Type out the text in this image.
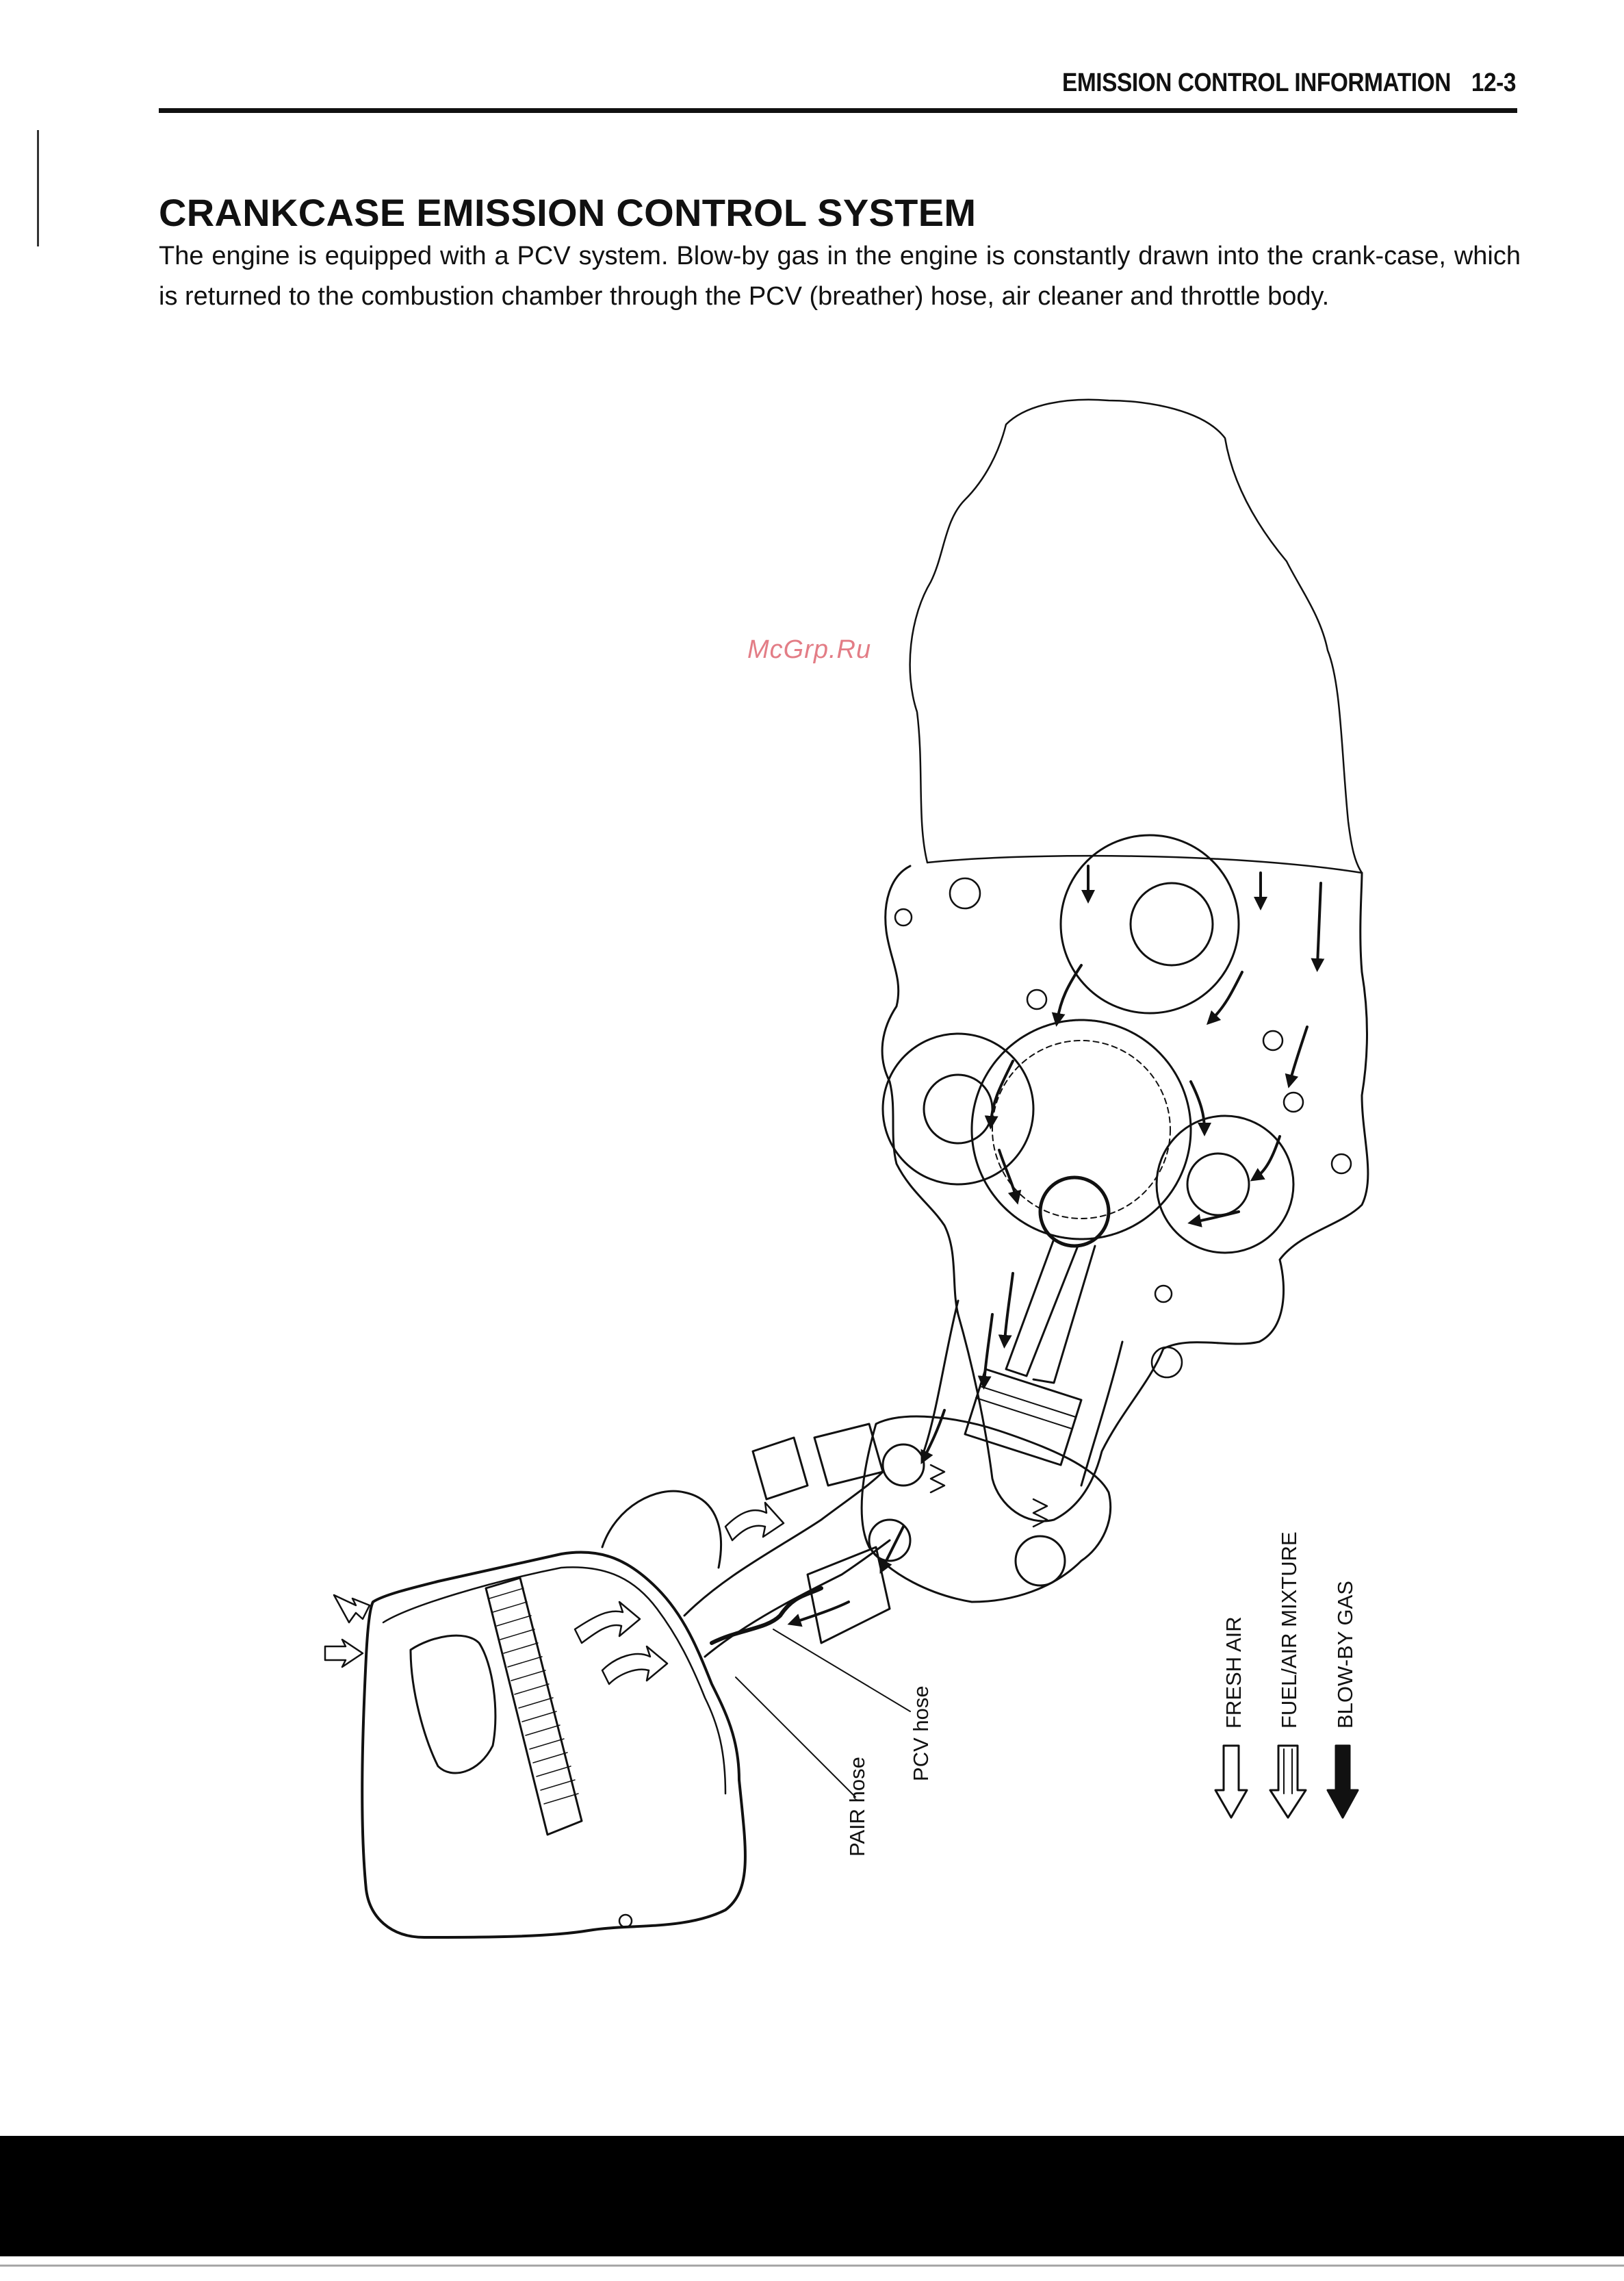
EMISSION CONTROL INFORMATION 12-3
CRANKCASE EMISSION CONTROL SYSTEM
The engine is equipped with a PCV system. Blow-by gas in the engine is constantly drawn into the crank-case, which is returned to the combustion chamber through the PCV (breather) hose, air cleaner and throttle body.
PAIR hose
PCV hose
FRESH AIR FUEL/AIR MIXTURE BLOW-BY GAS
McGrp.Ru
